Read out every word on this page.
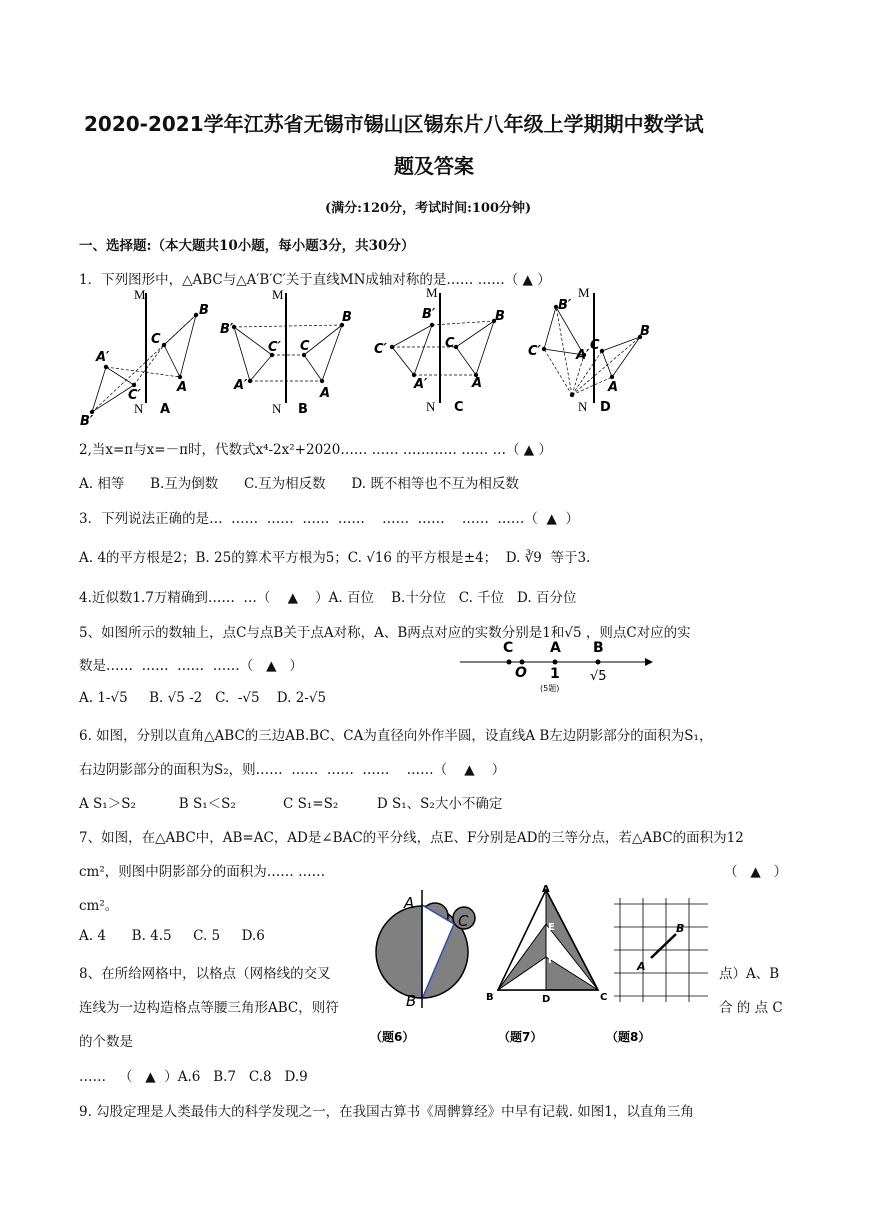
2020-2021学年江苏省无锡市锡山区锡东片八年级上学期期中数学试
题及答案
(满分:120分，考试时间:100分钟)
一、选择题:（本大题共10小题，每小题3分，共30分）
1．下列图形中，△ABC与△A′B′C′关于直线MN成轴对称的是…… ……（ ▲ ）
M
N A
B
C
A
A′
C′
B′
M
N B
B
C
A
B′
C′
A′
M
N C
B
C
A
B′
C′
A′
M
N D
B
C
A
B′
C′	A′
2,当x=π与x=－π时，代数式x⁴-2x²+2020…… …… ………… …… …（ ▲ ）
A. 相等      B.互为倒数      C.互为相反数      D. 既不相等也不互为相反数
3．下列说法正确的是…  ……  ……  ……  ……    ……  ……    ……  ……（  ▲  ）
A. 4的平方根是2；B. 25的算术平方根为5；C. √16 的平方根是±4；  D. ∛9  等于3.
4.近似数1.7万精确到……  …（    ▲    ）A. 百位    B.十分位   C. 千位   D. 百分位
5、如图所示的数轴上，点C与点B关于点A对称，A、B两点对应的实数分别是1和√5 ，则点C对应的实
数是……  ……  ……  ……（   ▲   ）
C	A B
O 1 √5
(5题)
A. 1-√5     B. √5 -2   C.  -√5    D. 2-√5
6. 如图，分别以直角△ABC的三边AB.BC、CA为直径向外作半圆，设直线A B左边阴影部分的面积为S₁，
右边阴影部分的面积为S₂，则……  ……  ……  ……    ……（    ▲    ）
A S₁＞S₂          B S₁＜S₂           C S₁=S₂         D S₁、S₂大小不确定
7、如图，在△ABC中，AB=AC，AD是∠BAC的平分线，点E、F分别是AD的三等分点，若△ABC的面积为12
cm²，则图中阴影部分的面积为…… ……	（   ▲   ）
cm²。
A. 4      B. 4.5     C. 5     D.6
A
B
C
（题6）
A
E
F
B	C
D
（题7）
A
B
（题8）
8、在所给网格中，以格点（网格线的交叉	点）A、B
连线为一边构造格点等腰三角形ABC，则符	合 的 点 C
的个数是
……   （   ▲  ）A.6   B.7   C.8   D.9
9. 勾股定理是人类最伟大的科学发现之一，在我国古算书《周髀算经》中早有记载. 如图1，以直角三角
